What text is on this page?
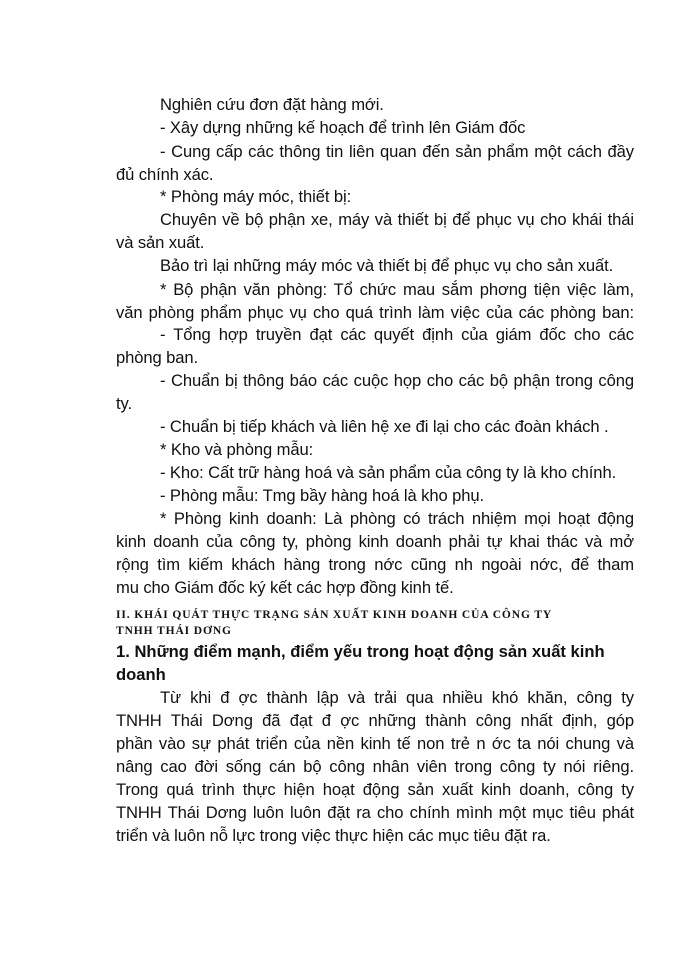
Nghiên cứu đơn đặt hàng mới.
- Xây dựng những kế hoạch để trình lên Giám đốc
- Cung cấp các thông tin liên quan đến sản phẩm một cách đầy
đủ chính xác.
* Phòng máy móc, thiết bị:
Chuyên về bộ phận xe, máy và thiết bị để phục vụ cho khái thái
và sản xuất.
Bảo trì lại những máy móc và thiết bị để phục vụ cho sản xuất.
* Bộ phận văn phòng: Tổ chức mau sắm phơng tiện việc làm,
văn phòng phẩm phục vụ cho quá trình làm việc của các phòng ban:
- Tổng hợp truyền đạt các quyết định của giám đốc cho các
phòng ban.
- Chuẩn bị thông báo các cuộc họp cho các bộ phận trong công
ty.
- Chuẩn bị tiếp khách và liên hệ xe đi lại cho các đoàn khách .
* Kho và phòng mẫu:
- Kho: Cất trữ hàng hoá và sản phẩm của công ty là kho chính.
- Phòng mẫu: Tmg bầy hàng hoá là kho phụ.
* Phòng kinh doanh: Là phòng có trách nhiệm mọi hoạt động
kinh doanh của công ty, phòng kinh doanh phải tự khai thác và mở
rộng tìm kiếm khách hàng trong nớc cũng nh ngoài nớc, để tham
mu cho Giám đốc ký kết các hợp đồng kinh tế.
II. KHÁI QUÁT THỰC TRẠNG SẢN XUẤT KINH DOANH CỦA CÔNG TY
TNHH THÁI DƠNG
1. Những điểm mạnh, điểm yếu trong hoạt động sản xuất kinh
doanh
Từ khi đ ợc thành lập và trải qua nhiều khó khăn, công ty
TNHH Thái Dơng đã đạt đ ợc những thành công nhất định, góp
phần vào sự phát triển của nền kinh tế non trẻ n ớc ta nói chung và
nâng cao đời sống cán bộ công nhân viên trong công ty nói riêng.
Trong quá trình thực hiện hoạt động sản xuất kinh doanh, công ty
TNHH Thái Dơng luôn luôn đặt ra cho chính mình một mục tiêu phát
triển và luôn nỗ lực trong việc thực hiện các mục tiêu đặt ra.
